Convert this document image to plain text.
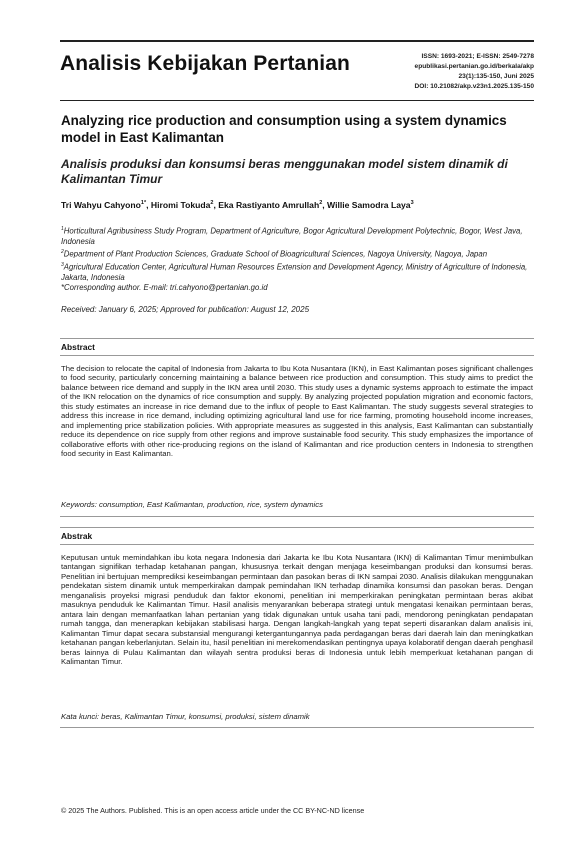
Analisis Kebijakan Pertanian	ISSN: 1693-2021; E-ISSN: 2549-7278
epublikasi.pertanian.go.id/berkala/akp
23(1):135-150, Juni 2025
DOI: 10.21082/akp.v23n1.2025.135-150
Analyzing rice production and consumption using a system dynamics model in East Kalimantan
Analisis produksi dan konsumsi beras menggunakan model sistem dinamik di Kalimantan Timur
Tri Wahyu Cahyono$^{1*}$, Hiromi Tokuda$^2$, Eka Rastiyanto Amrullah$^2$, Willie Samodra Laya$^3$

$^1$Horticultural Agribusiness Study Program, Department of Agriculture, Bogor Agricultural Development Polytechnic, Bogor, West Java, Indonesia

$^2$Department of Plant Production Sciences, Graduate School of Bioagricultural Sciences, Nagoya University, Nagoya, Japan

$^3$Agricultural Education Center, Agricultural Human Resources Extension and Development Agency, Ministry of Agriculture of Indonesia, Jakarta, Indonesia

*Corresponding author. E-mail: tri.cahyono@pertanian.go.id

Received: January 6, 2025; Approved for publication: August 12, 2025
Abstract
The decision to relocate the capital of Indonesia from Jakarta to Ibu Kota Nusantara (IKN), in East Kalimantan poses significant challenges to food security, particularly concerning maintaining a balance between rice production and consumption. This study aims to predict the balance between rice demand and supply in the IKN area until 2030. This study uses a dynamic systems approach to estimate the impact of the IKN relocation on the dynamics of rice consumption and supply. By analyzing projected population migration and economic factors, this study estimates an increase in rice demand due to the influx of people to East Kalimantan. The study suggests several strategies to address this increase in rice demand, including optimizing agricultural land use for rice farming, promoting household income increases, and implementing price stabilization policies. With appropriate measures as suggested in this analysis, East Kalimantan can substantially reduce its dependence on rice supply from other regions and improve sustainable food security. This study emphasizes the importance of collaborative efforts with other rice-producing regions on the island of Kalimantan and rice production centers in Indonesia to strengthen food security in East Kalimantan.
Keywords: consumption, East Kalimantan, production, rice, system dynamics
Abstrak
Keputusan untuk memindahkan ibu kota negara Indonesia dari Jakarta ke Ibu Kota Nusantara (IKN) di Kalimantan Timur menimbulkan tantangan signifikan terhadap ketahanan pangan, khususnya terkait dengan menjaga keseimbangan produksi dan konsumsi beras. Penelitian ini bertujuan memprediksi keseimbangan permintaan dan pasokan beras di IKN sampai 2030. Analisis dilakukan menggunakan pendekatan sistem dinamik untuk memperkirakan dampak pemindahan IKN terhadap dinamika konsumsi dan pasokan beras. Dengan menganalisis proyeksi migrasi penduduk dan faktor ekonomi, penelitian ini memperkirakan peningkatan permintaan beras akibat masuknya penduduk ke Kalimantan Timur. Hasil analisis menyarankan beberapa strategi untuk mengatasi kenaikan permintaan beras, antara lain dengan memanfaatkan lahan pertanian yang tidak digunakan untuk usaha tani padi, mendorong peningkatan pendapatan rumah tangga, dan menerapkan kebijakan stabilisasi harga. Dengan langkah-langkah yang tepat seperti disarankan dalam analisis ini, Kalimantan Timur dapat secara substansial mengurangi ketergantungannya pada perdagangan beras dari daerah lain dan meningkatkan ketahanan pangan keberlanjutan. Selain itu, hasil penelitian ini merekomendasikan pentingnya upaya kolaboratif dengan daerah penghasil beras lainnya di Pulau Kalimantan dan wilayah sentra produksi beras di Indonesia untuk lebih memperkuat ketahanan pangan di Kalimantan Timur.
Kata kunci: beras, Kalimantan Timur, konsumsi, produksi, sistem dinamik
© 2025 The Authors. Published. This is an open access article under the CC BY-NC-ND license
